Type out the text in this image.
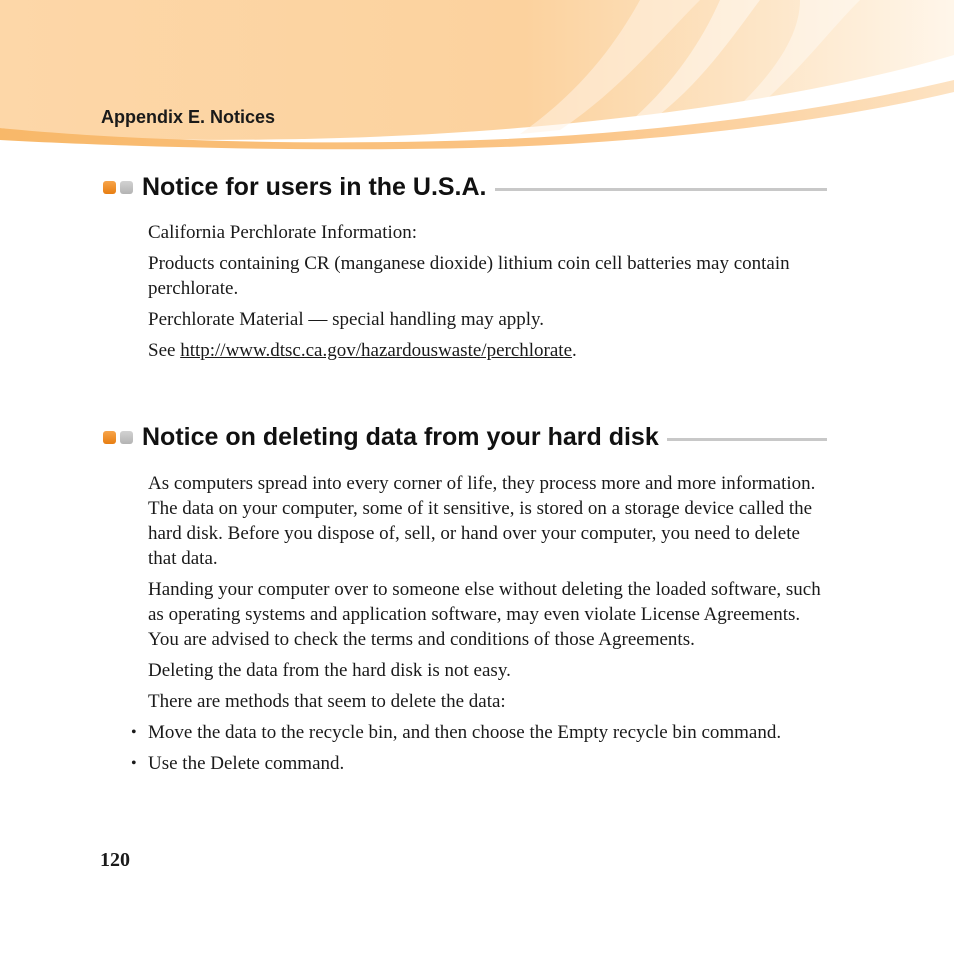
Appendix E. Notices
Notice for users in the U.S.A.

California Perchlorate Information:

Products containing CR (manganese dioxide) lithium coin cell batteries may contain perchlorate.

Perchlorate Material — special handling may apply.

See http://www.dtsc.ca.gov/hazardouswaste/perchlorate.

Notice on deleting data from your hard disk

As computers spread into every corner of life, they process more and more information. The data on your computer, some of it sensitive, is stored on a storage device called the hard disk. Before you dispose of, sell, or hand over your computer, you need to delete that data.

Handing your computer over to someone else without deleting the loaded software, such as operating systems and application software, may even violate License Agreements. You are advised to check the terms and conditions of those Agreements.

Deleting the data from the hard disk is not easy.

There are methods that seem to delete the data:

• Move the data to the recycle bin, and then choose the Empty recycle bin command.
• Use the Delete command.
120
